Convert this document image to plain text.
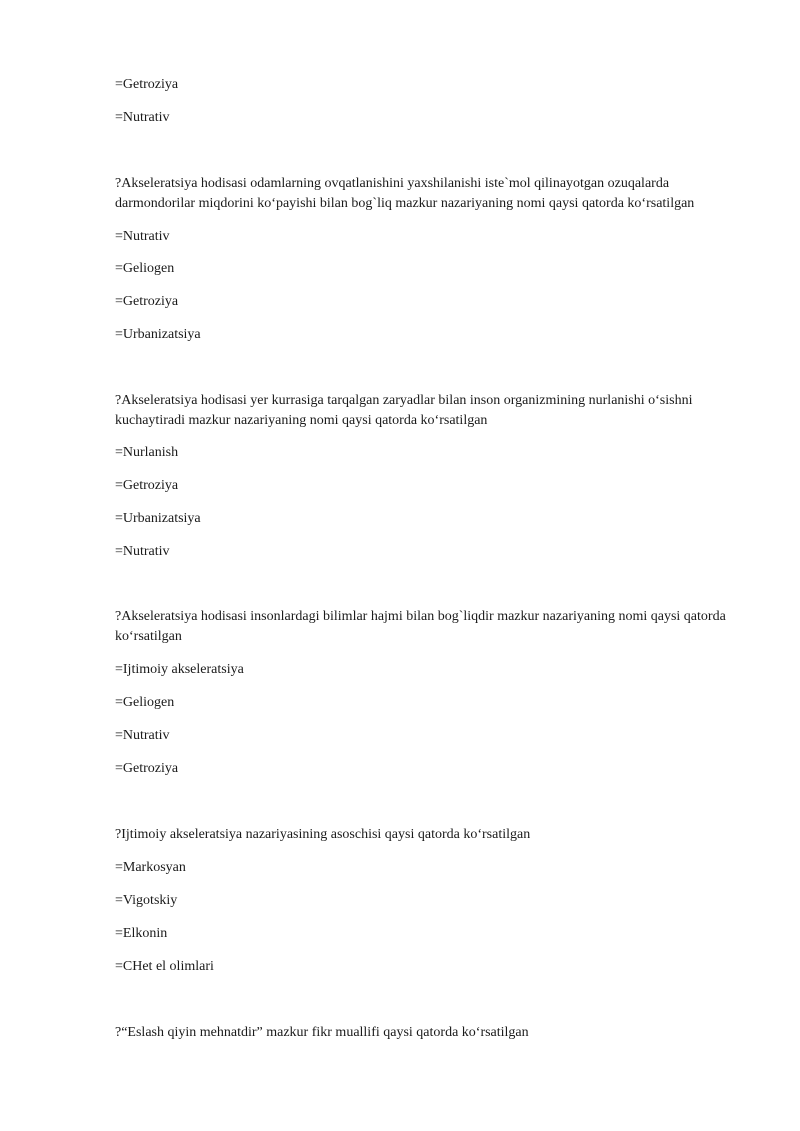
=Getroziya
=Nutrativ
?Akseleratsiya hodisasi odamlarning ovqatlanishini yaxshilanishi iste`mol qilinayotgan ozuqalarda darmondorilar miqdorini koʻpayishi bilan bog`liq mazkur nazariyaning nomi qaysi qatorda koʻrsatilgan
=Nutrativ
=Geliogen
=Getroziya
=Urbanizatsiya
?Akseleratsiya hodisasi yer kurrasiga tarqalgan zaryadlar bilan inson organizmining nurlanishi oʻsishni kuchaytiradi mazkur nazariyaning nomi qaysi qatorda koʻrsatilgan
=Nurlanish
=Getroziya
=Urbanizatsiya
=Nutrativ
?Akseleratsiya hodisasi insonlardagi bilimlar hajmi bilan bog`liqdir mazkur nazariyaning nomi qaysi qatorda koʻrsatilgan
=Ijtimoiy akseleratsiya
=Geliogen
=Nutrativ
=Getroziya
?Ijtimoiy akseleratsiya nazariyasining asoschisi qaysi qatorda koʻrsatilgan
=Markosyan
=Vigotskiy
=Elkonin
=CHet el olimlari
?“Eslash qiyin mehnatdir” mazkur fikr muallifi qaysi qatorda koʻrsatilgan
